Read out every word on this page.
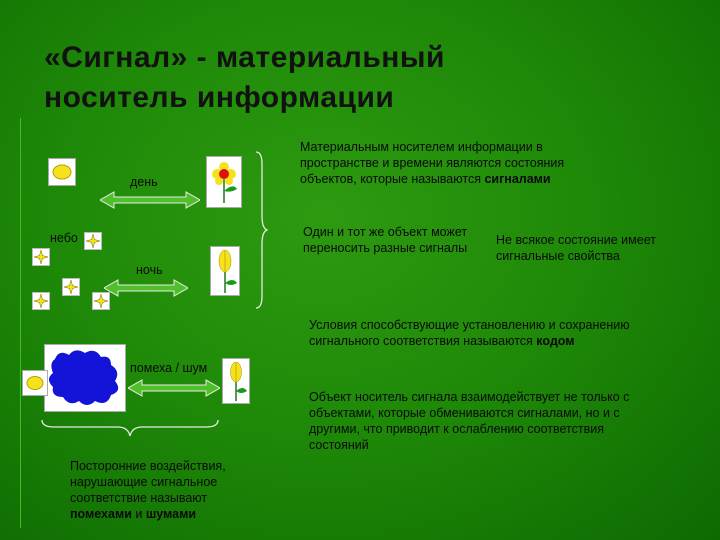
«Сигнал» - материальный
носитель информации
день
небо
ночь
Материальным носителем информации в пространстве и времени являются состояния объектов, которые называются сигналами
Один и тот же объект может переносить разные сигналы
Не всякое состояние имеет сигнальные свойства
Условия способствующие установлению и сохранению сигнального соответствия называются кодом
помеха / шум
Объект носитель сигнала взаимодействует не только с объектами, которые обмениваются сигналами, но и с другими, что приводит к ослаблению соответствия состояний
Посторонние воздействия, нарушающие сигнальное соответствие называют помехами и шумами
